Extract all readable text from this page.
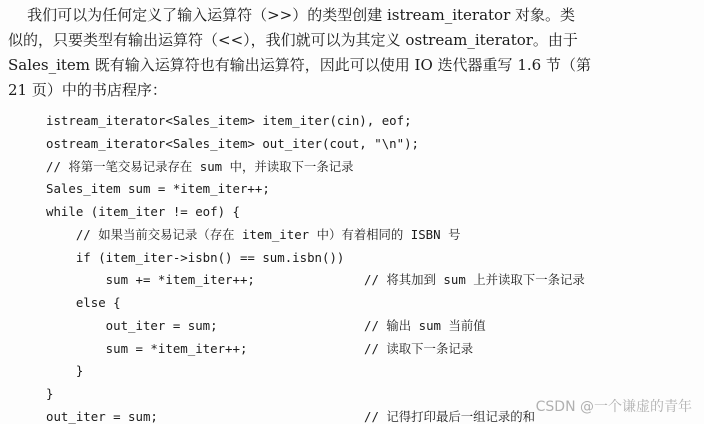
我们可以为任何定义了输入运算符（>>）的类型创建 istream_iterator 对象。类
似的，只要类型有输出运算符（<<），我们就可以为其定义 ostream_iterator。由于
Sales_item 既有输入运算符也有输出运算符，因此可以使用 IO 迭代器重写 1.6 节（第
21 页）中的书店程序：
istream_iterator<Sales_item> item_iter(cin), eof;
ostream_iterator<Sales_item> out_iter(cout, "\n");
// 将第一笔交易记录存在 sum 中，并读取下一条记录
Sales_item sum = *item_iter++;
while (item_iter != eof) {
// 如果当前交易记录（存在 item_iter 中）有着相同的 ISBN 号
if (item_iter->isbn() == sum.isbn())
sum += *item_iter++;	// 将其加到 sum 上并读取下一条记录
else {
out_iter = sum;	// 输出 sum 当前值
sum = *item_iter++;	// 读取下一条记录
}
}
out_iter = sum;	// 记得打印最后一组记录的和
CSDN @一个谦虚的青年
